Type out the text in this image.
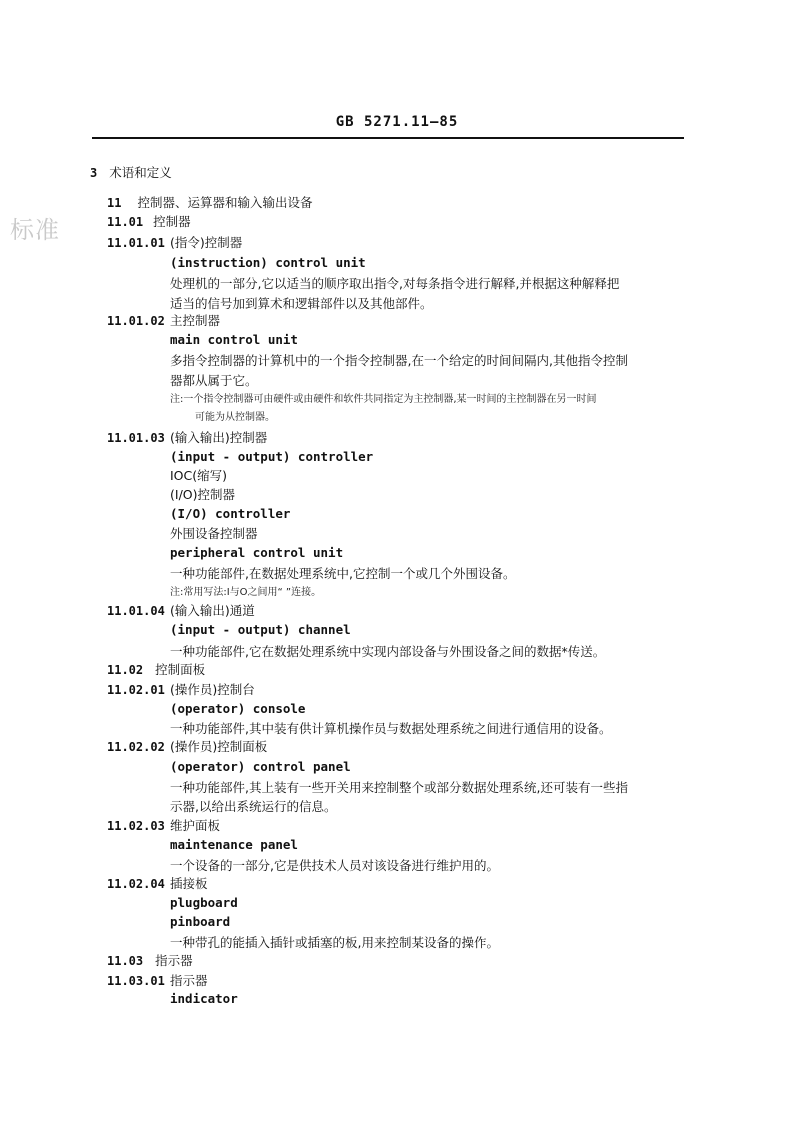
GB 5271.11—85
标准
3 术语和定义
11 控制器、运算器和输入输出设备
11.01 控制器
11.01.01 (指令)控制器
(instruction) control unit
处理机的一部分,它以适当的顺序取出指令,对每条指令进行解释,并根据这种解释把
适当的信号加到算术和逻辑部件以及其他部件。
11.01.02 主控制器
main control unit
多指令控制器的计算机中的一个指令控制器,在一个给定的时间间隔内,其他指令控制
器都从属于它。
注:一个指令控制器可由硬件或由硬件和软件共同指定为主控制器,某一时间的主控制器在另一时间
可能为从控制器。
11.01.03 (输入输出)控制器
(input - output) controller
IOC(缩写)
(I/O)控制器
(I/O) controller
外围设备控制器
peripheral control unit
一种功能部件,在数据处理系统中,它控制一个或几个外围设备。
注:常用写法:I与O之间用“ ”连接。
11.01.04 (输入输出)通道
(input - output) channel
一种功能部件,它在数据处理系统中实现内部设备与外围设备之间的数据*传送。
11.02 控制面板
11.02.01 (操作员)控制台
(operator) console
一种功能部件,其中装有供计算机操作员与数据处理系统之间进行通信用的设备。
11.02.02 (操作员)控制面板
(operator) control panel
一种功能部件,其上装有一些开关用来控制整个或部分数据处理系统,还可装有一些指
示器,以给出系统运行的信息。
11.02.03 维护面板
maintenance panel
一个设备的一部分,它是供技术人员对该设备进行维护用的。
11.02.04 插接板
plugboard
pinboard
一种带孔的能插入插针或插塞的板,用来控制某设备的操作。
11.03 指示器
11.03.01 指示器
indicator
